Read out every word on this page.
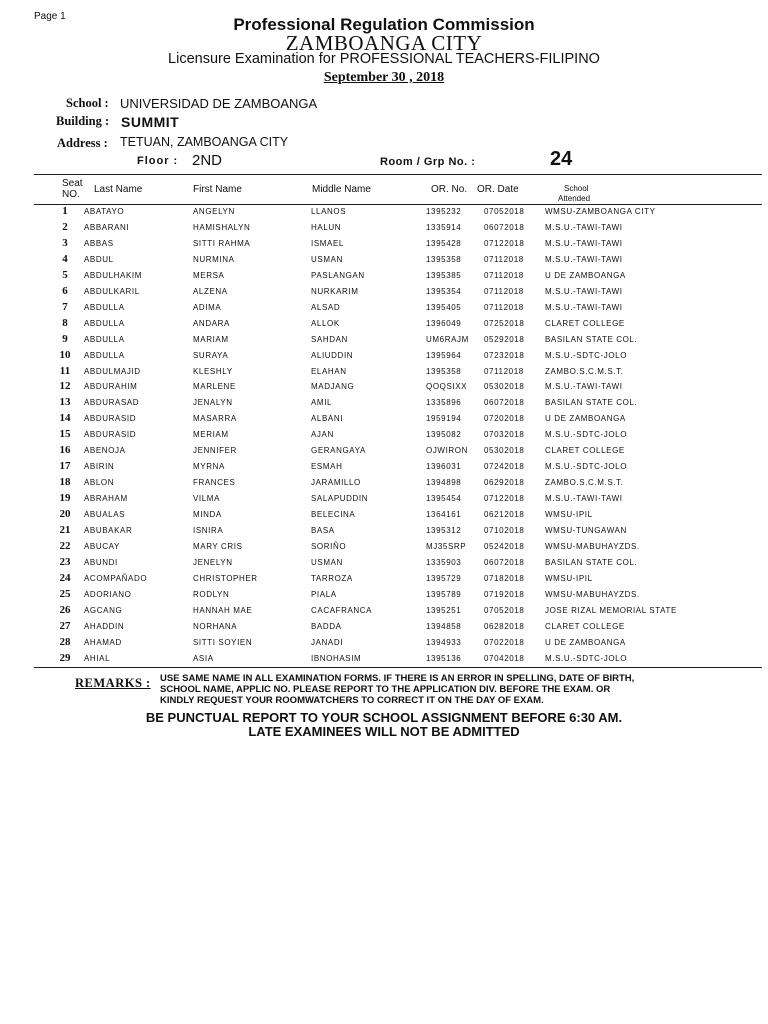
Page 1	Professional Regulation Commission
ZAMBOANGA CITY
Licensure Examination for PROFESSIONAL TEACHERS-FILIPINO
September 30 , 2018
School : UNIVERSIDAD DE ZAMBOANGA
Building : SUMMIT
Address : TETUAN, ZAMBOANGA CITY
Floor : 2ND	Room / Grp No. :	24
Seat
NO. Last Name	First Name	Middle Name	OR. No. OR. Date	School
Attended
1	ABATAYO	ANGELYN	LLANOS	1395232	07052018	WMSU-ZAMBOANGA CITY
2	ABBARANI	HAMISHALYN	HALUN	1335914	06072018	M.S.U.-TAWI-TAWI
3	ABBAS	SITTI RAHMA	ISMAEL	1395428	07122018	M.S.U.-TAWI-TAWI
4	ABDUL	NURMINA	USMAN	1395358	07112018	M.S.U.-TAWI-TAWI
5	ABDULHAKIM	MERSA	PASLANGAN	1395385	07112018	U DE ZAMBOANGA
6	ABDULKARIL	ALZENA	NURKARIM	1395354	07112018	M.S.U.-TAWI-TAWI
7	ABDULLA	ADIMA	ALSAD	1395405	07112018	M.S.U.-TAWI-TAWI
8	ABDULLA	ANDARA	ALLOK	1396049	07252018	CLARET COLLEGE
9	ABDULLA	MARIAM	SAHDAN	UM6RAJM 05292018	BASILAN STATE COL.
10	ABDULLA	SURAYA	ALIUDDIN	1395964	07232018	M.S.U.-SDTC-JOLO
11	ABDULMAJID	KLESHLY	ELAHAN	1395358	07112018	ZAMBO.S.C.M.S.T.
12	ABDURAHIM	MARLENE	MADJANG	QOQSIXX 05302018	M.S.U.-TAWI-TAWI
13	ABDURASAD	JENALYN	AMIL	1335896	06072018	BASILAN STATE COL.
14	ABDURASID	MASARRA	ALBANI	1959194	07202018	U DE ZAMBOANGA
15	ABDURASID	MERIAM	AJAN	1395082	07032018	M.S.U.-SDTC-JOLO
16	ABENOJA	JENNIFER	GERANGAYA	OJWIRON 05302018	CLARET COLLEGE
17	ABIRIN	MYRNA	ESMAH	1396031	07242018	M.S.U.-SDTC-JOLO
18	ABLON	FRANCES	JARAMILLO	1394898	06292018	ZAMBO.S.C.M.S.T.
19	ABRAHAM	VILMA	SALAPUDDIN	1395454	07122018	M.S.U.-TAWI-TAWI
20	ABUALAS	MINDA	BELECINA	1364161	06212018	WMSU-IPIL
21	ABUBAKAR	ISNIRA	BASA	1395312	07102018	WMSU-TUNGAWAN
22	ABUCAY	MARY CRIS	SORIÑO	MJ35SRP 05242018	WMSU-MABUHAYZDS.
23	ABUNDI	JENELYN	USMAN	1335903	06072018	BASILAN STATE COL.
24	ACOMPAÑADO	CHRISTOPHER	TARROZA	1395729	07182018	WMSU-IPIL
25	ADORIANO	RODLYN	PIALA	1395789	07192018	WMSU-MABUHAYZDS.
26	AGCANG	HANNAH MAE	CACAFRANCA	1395251	07052018	JOSE RIZAL MEMORIAL STATE
27	AHADDIN	NORHANA	BADDA	1394858	06282018	CLARET COLLEGE
28	AHAMAD	SITTI SOYIEN	JANADI	1394933	07022018	U DE ZAMBOANGA
29	AHIAL	ASIA	IBNOHASIM	1395136	07042018	M.S.U.-SDTC-JOLO
REMARKS : USE SAME NAME IN ALL EXAMINATION FORMS. IF THERE IS AN ERROR IN SPELLING, DATE OF BIRTH,
SCHOOL NAME, APPLIC NO. PLEASE REPORT TO THE APPLICATION DIV. BEFORE THE EXAM. OR
KINDLY REQUEST YOUR ROOMWATCHERS TO CORRECT IT ON THE DAY OF EXAM.
BE PUNCTUAL REPORT TO YOUR SCHOOL ASSIGNMENT BEFORE 6:30 AM.
LATE EXAMINEES WILL NOT BE ADMITTED
